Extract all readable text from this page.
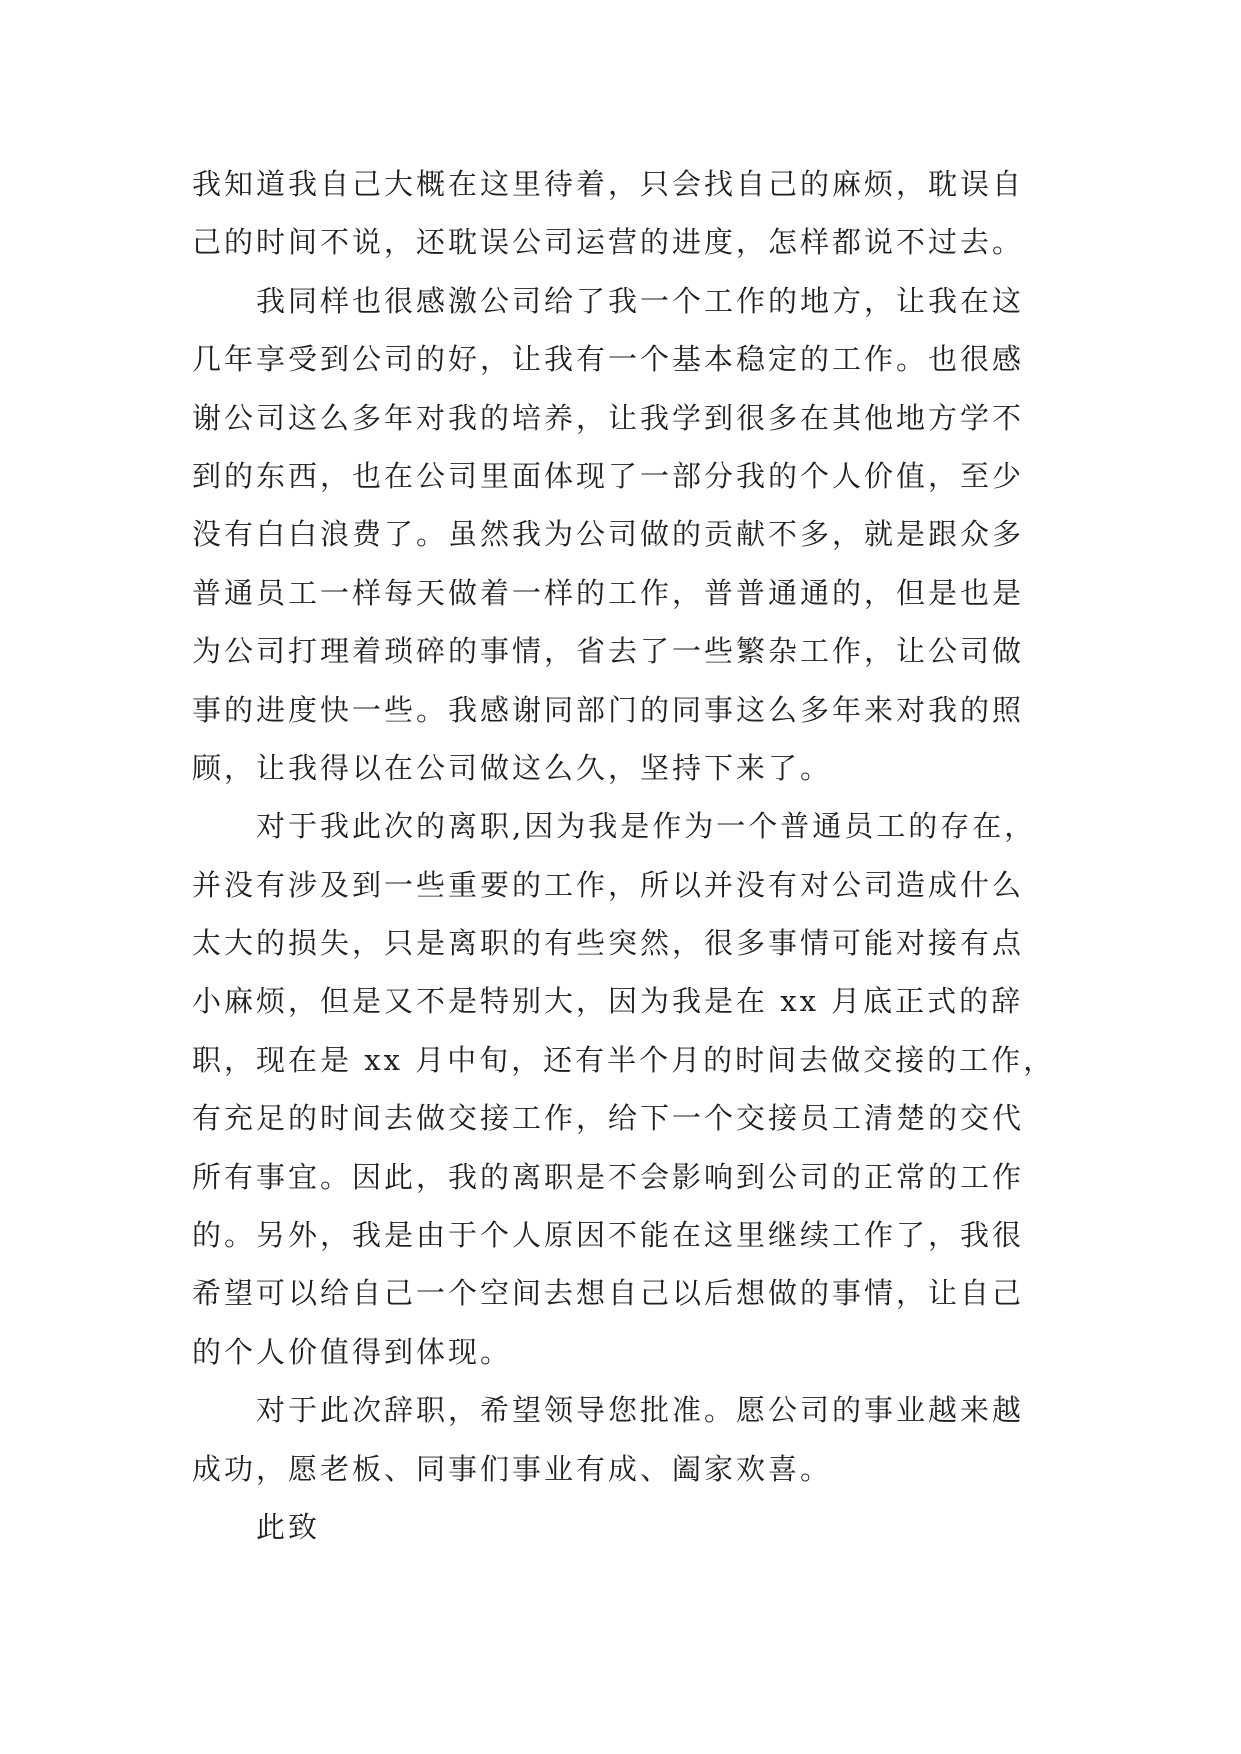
我知道我自己大概在这里待着，只会找自己的麻烦，耽误自
己的时间不说，还耽误公司运营的进度，怎样都说不过去。
我同样也很感激公司给了我一个工作的地方，让我在这
几年享受到公司的好，让我有一个基本稳定的工作。也很感
谢公司这么多年对我的培养，让我学到很多在其他地方学不
到的东西，也在公司里面体现了一部分我的个人价值，至少
没有白白浪费了。虽然我为公司做的贡献不多，就是跟众多
普通员工一样每天做着一样的工作，普普通通的，但是也是
为公司打理着琐碎的事情，省去了一些繁杂工作，让公司做
事的进度快一些。我感谢同部门的同事这么多年来对我的照
顾，让我得以在公司做这么久，坚持下来了。
对于我此次的离职,因为我是作为一个普通员工的存在，
并没有涉及到一些重要的工作，所以并没有对公司造成什么
太大的损失，只是离职的有些突然，很多事情可能对接有点
小麻烦，但是又不是特别大，因为我是在 xx 月底正式的辞
职，现在是 xx 月中旬，还有半个月的时间去做交接的工作，
有充足的时间去做交接工作，给下一个交接员工清楚的交代
所有事宜。因此，我的离职是不会影响到公司的正常的工作
的。另外，我是由于个人原因不能在这里继续工作了，我很
希望可以给自己一个空间去想自己以后想做的事情，让自己
的个人价值得到体现。
对于此次辞职，希望领导您批准。愿公司的事业越来越
成功，愿老板、同事们事业有成、阖家欢喜。
此致
